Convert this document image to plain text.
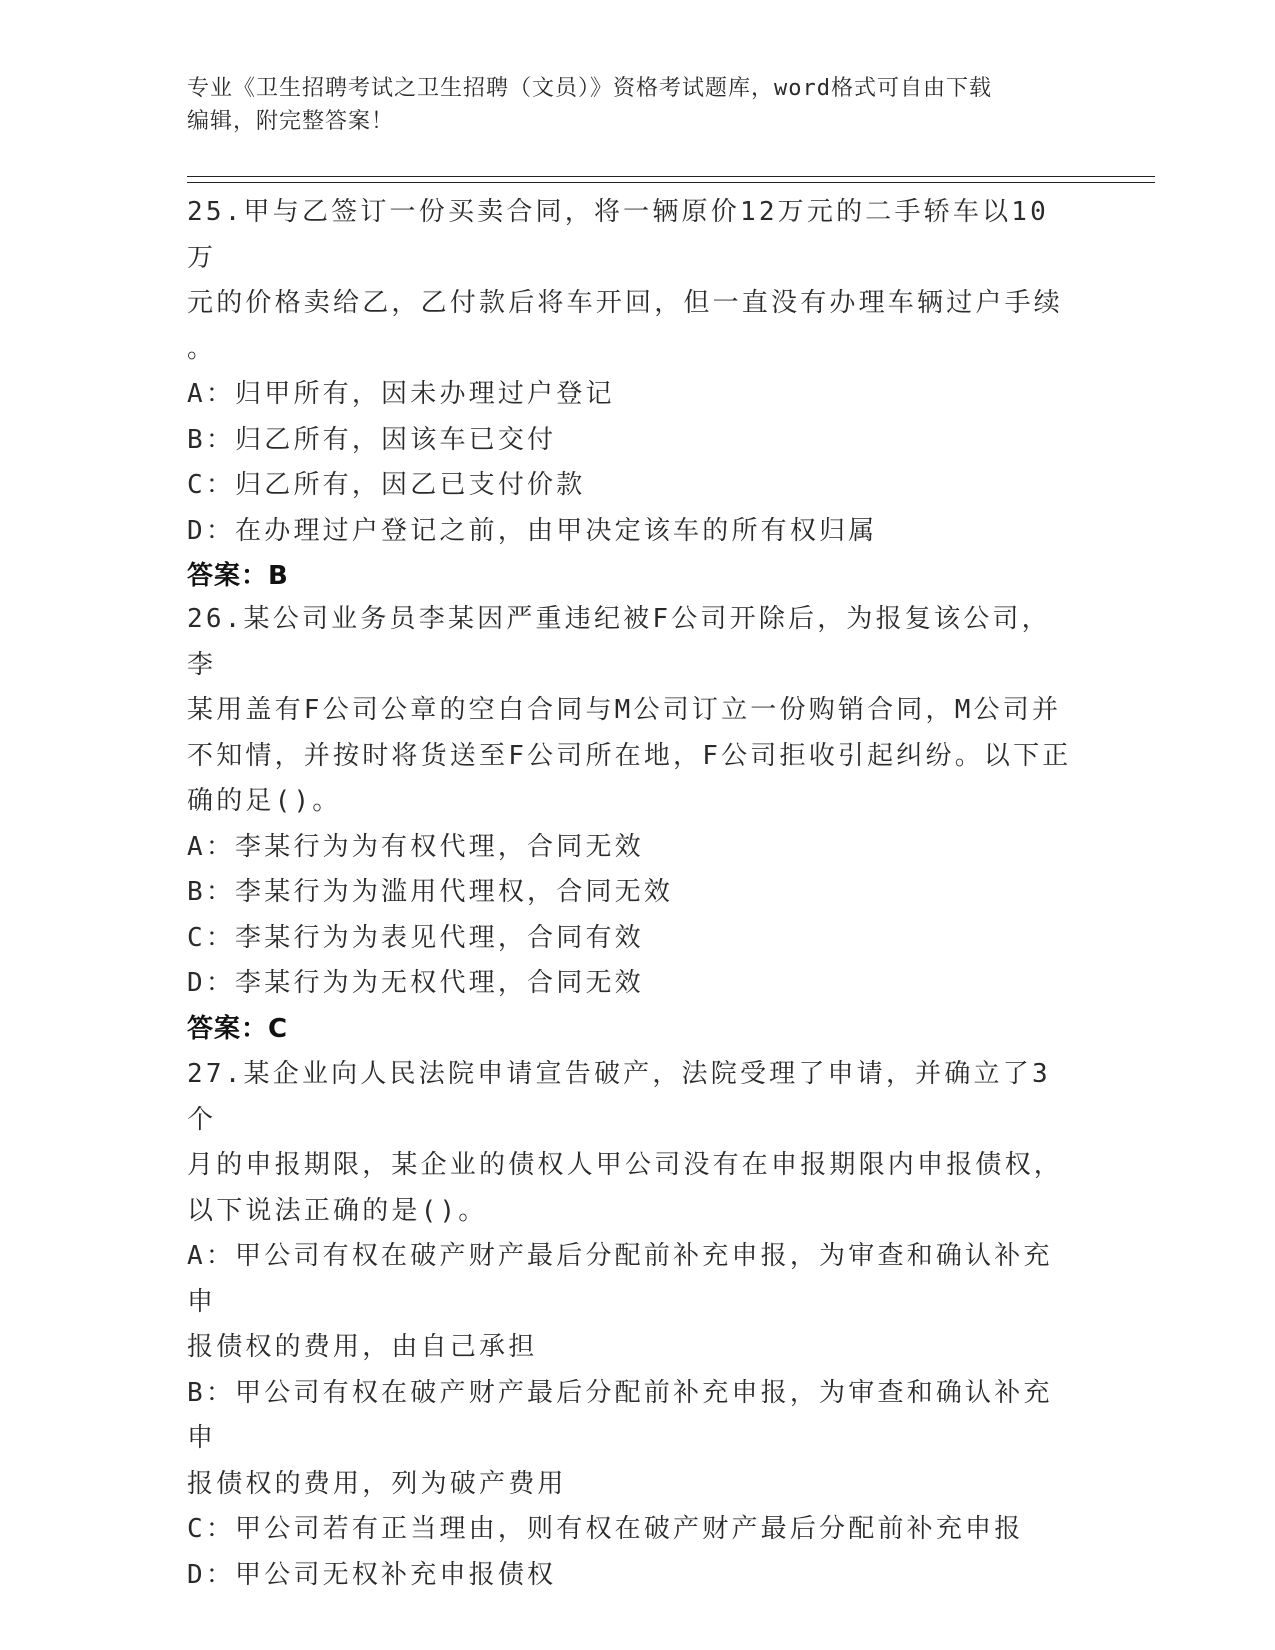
专业《卫生招聘考试之卫生招聘（文员）》资格考试题库，word格式可自由下载
编辑，附完整答案！

25.甲与乙签订一份买卖合同，将一辆原价12万元的二手轿车以10万

元的价格卖给乙，乙付款后将车开回，但一直没有办理车辆过户手续

。

A：归甲所有，因未办理过户登记

B：归乙所有，因该车已交付

C：归乙所有，因乙已支付价款

D：在办理过户登记之前，由甲决定该车的所有权归属

答案：B

26.某公司业务员李某因严重违纪被F公司开除后，为报复该公司，李

某用盖有F公司公章的空白合同与M公司订立一份购销合同，M公司并

不知情，并按时将货送至F公司所在地，F公司拒收引起纠纷。以下正

确的足()。

A：李某行为为有权代理，合同无效

B：李某行为为滥用代理权，合同无效

C：李某行为为表见代理，合同有效

D：李某行为为无权代理，合同无效

答案：C

27.某企业向人民法院申请宣告破产，法院受理了申请，并确立了3个

月的申报期限，某企业的债权人甲公司没有在申报期限内申报债权，

以下说法正确的是()。

A：甲公司有权在破产财产最后分配前补充申报，为审查和确认补充申

报债权的费用，由自己承担

B：甲公司有权在破产财产最后分配前补充申报，为审查和确认补充申

报债权的费用，列为破产费用

C：甲公司若有正当理由，则有权在破产财产最后分配前补充申报

D：甲公司无权补充申报债权
